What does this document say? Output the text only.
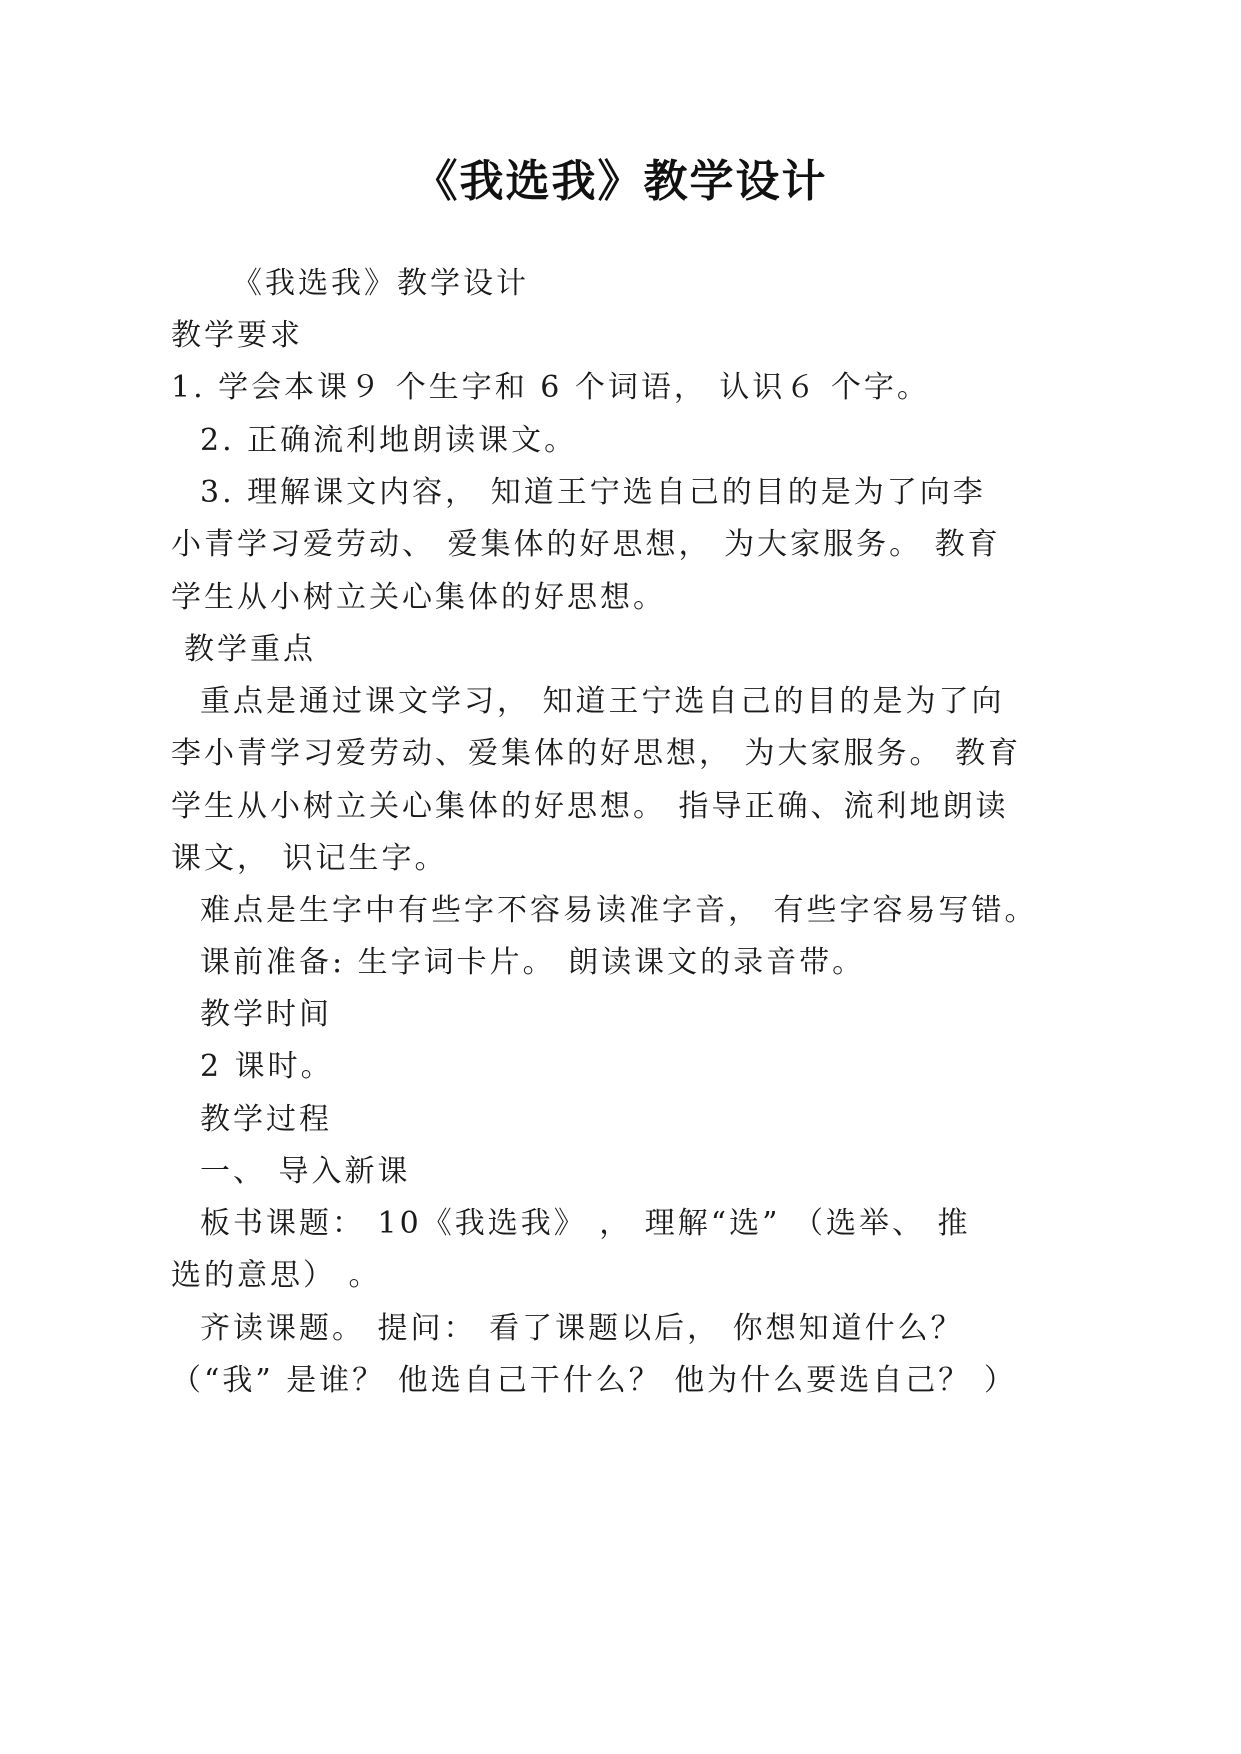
《我选我》教学设计
《我选我》教学设计
教学要求
1. 学会本课９ 个生字和 6 个词语， 认识６ 个字。
2. 正确流利地朗读课文。
3. 理解课文内容， 知道王宁选自己的目的是为了向李
小青学习爱劳动、 爱集体的好思想， 为大家服务。 教育
学生从小树立关心集体的好思想。
教学重点
重点是通过课文学习， 知道王宁选自己的目的是为了向
李小青学习爱劳动、爱集体的好思想， 为大家服务。 教育
学生从小树立关心集体的好思想。 指导正确、流利地朗读
课文， 识记生字。
难点是生字中有些字不容易读准字音， 有些字容易写错。
课前准备: 生字词卡片。 朗读课文的录音带。
教学时间
2 课时。
教学过程
一、 导入新课
板书课题： 10《我选我》 ， 理解“选” （选举、 推
选的意思） 。
齐读课题。 提问： 看了课题以后， 你想知道什么？
（“我” 是谁？ 他选自己干什么？ 他为什么要选自己？ ）
